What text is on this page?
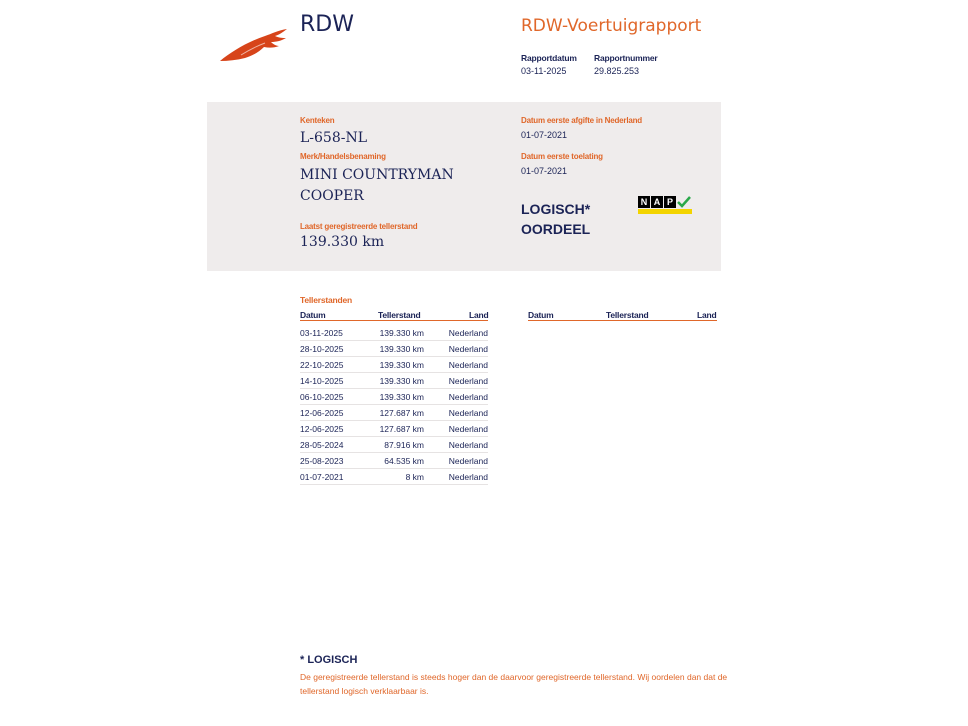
RDW	RDW-Voertuigrapport
Rapportdatum
03-11-2025
Rapportnummer
29.825.253
Kenteken
L-658-NL
Merk/Handelsbenaming
MINI COUNTRYMAN
COOPER
Laatst geregistreerde tellerstand
139.330 km
Datum eerste afgifte in Nederland
01-07-2021
Datum eerste toelating
01-07-2021
LOGISCH*
OORDEEL
N A P
Tellerstanden
Datum	Tellerstand	Land
03-11-2025	139.330 km	Nederland
28-10-2025	139.330 km	Nederland
22-10-2025	139.330 km	Nederland
14-10-2025	139.330 km	Nederland
06-10-2025	139.330 km	Nederland
12-06-2025	127.687 km	Nederland
12-06-2025	127.687 km	Nederland
28-05-2024	87.916 km	Nederland
25-08-2023	64.535 km	Nederland
01-07-2021	8 km	Nederland
Datum	Tellerstand	Land
* LOGISCH
De geregistreerde tellerstand is steeds hoger dan de daarvoor geregistreerde tellerstand. Wij oordelen dan dat de tellerstand logisch verklaarbaar is.
